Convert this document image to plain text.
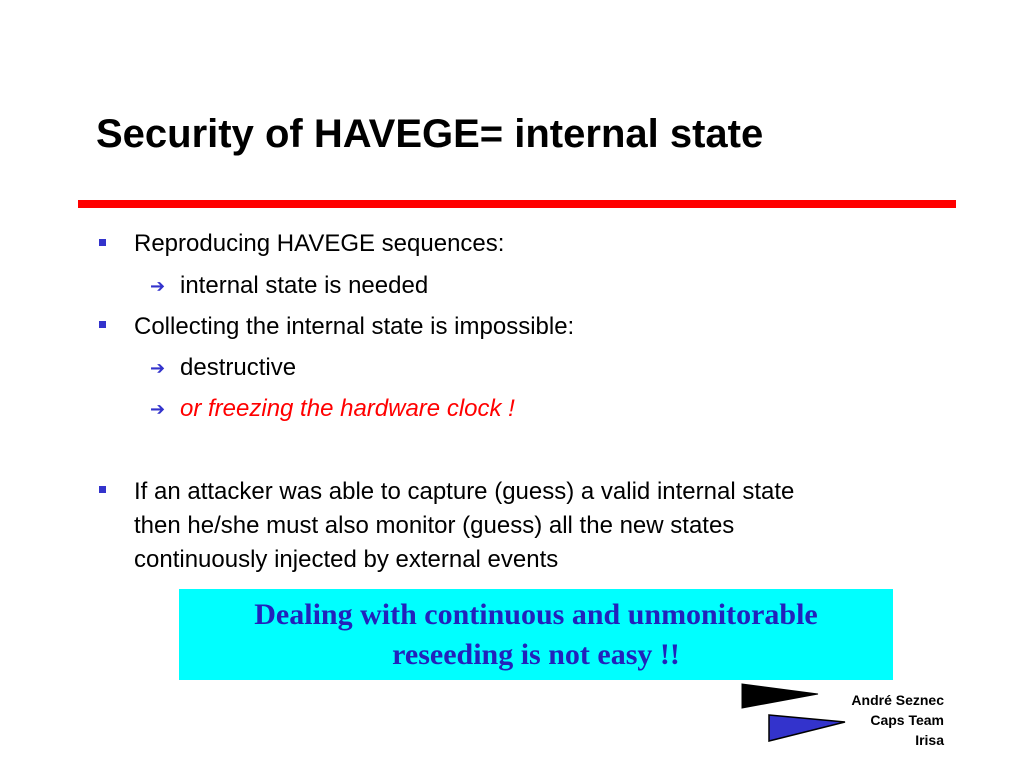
Security of HAVEGE= internal state
Reproducing HAVEGE sequences:
➔ internal state is needed
Collecting the internal state is impossible:
➔ destructive
➔ or freezing the hardware clock !
If an attacker was able to capture (guess) a valid internal state
then he/she must also monitor (guess) all the new states
continuously injected by external events
Dealing with continuous and unmonitorable
reseeding is not easy !!
André Seznec
Caps Team
Irisa
